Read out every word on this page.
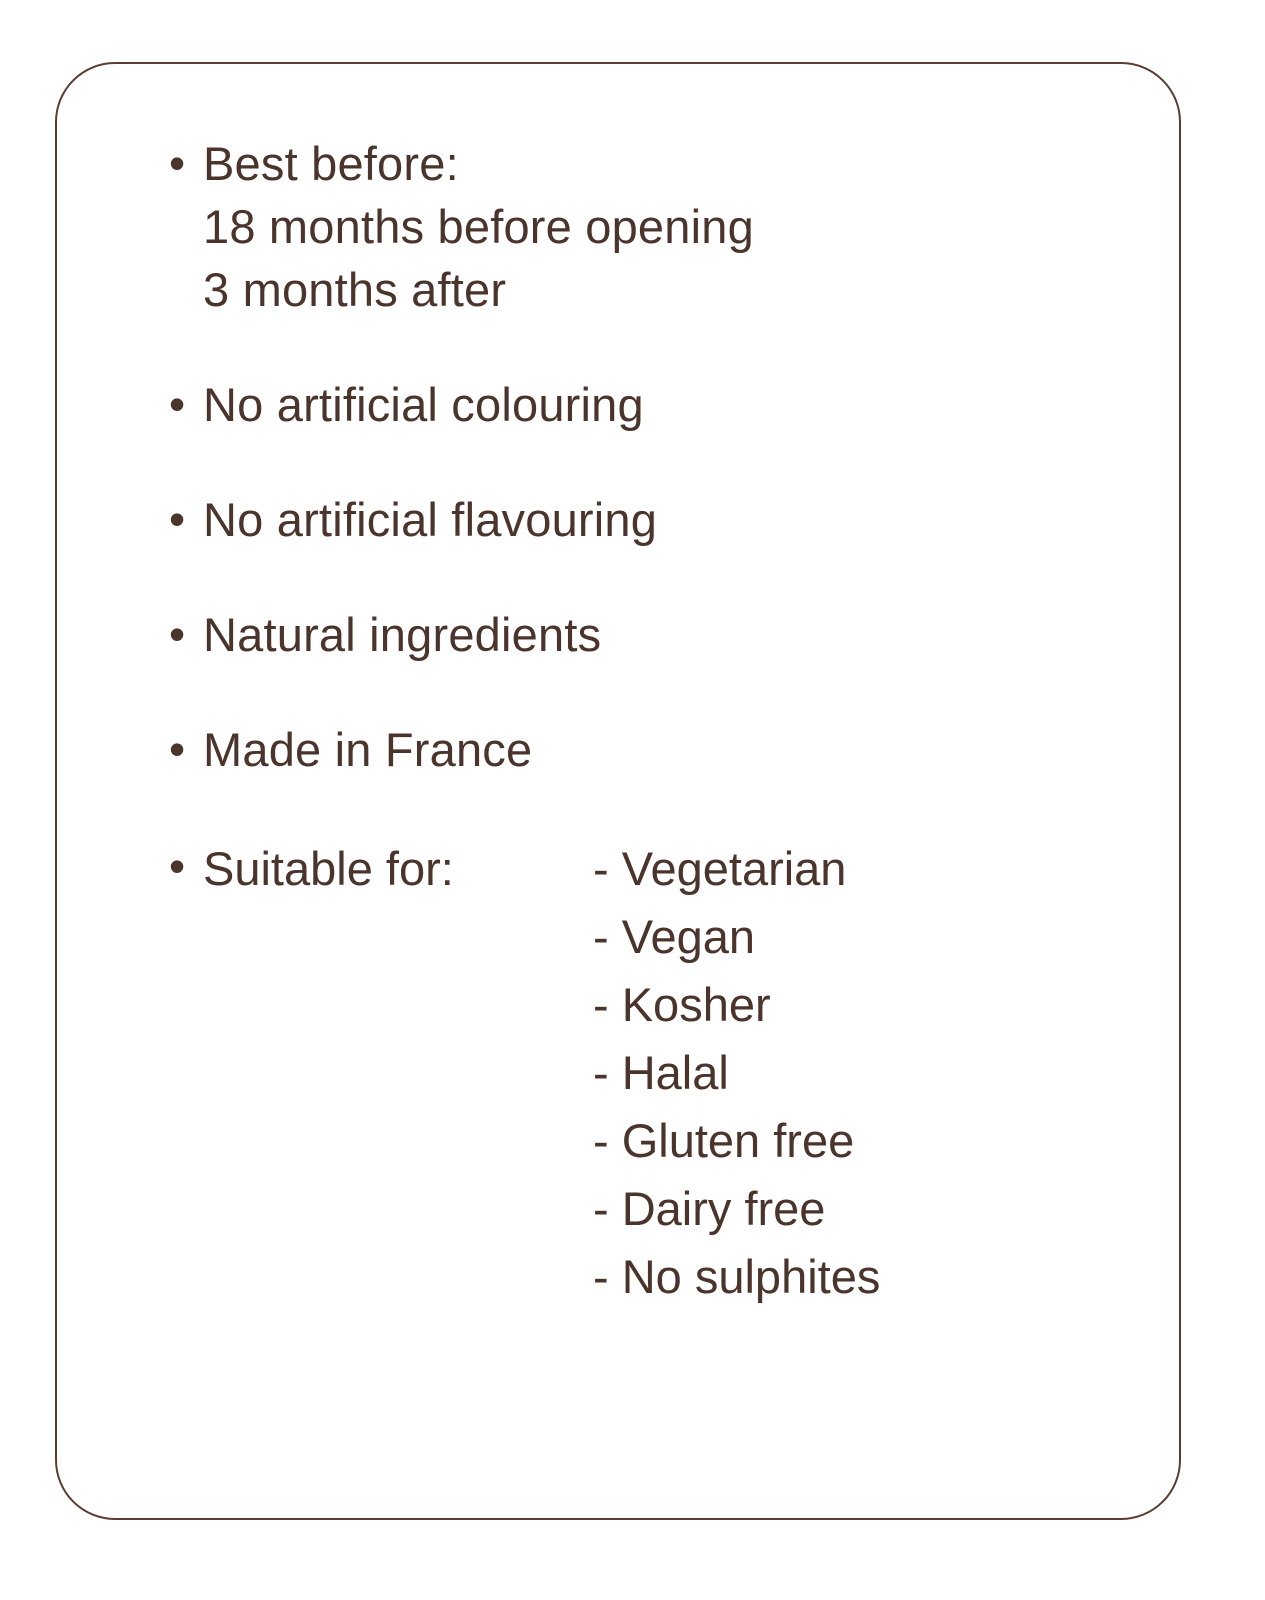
• Best before:
18 months before opening
3 months after
• No artificial colouring
• No artificial flavouring
• Natural ingredients
• Made in France
• Suitable for:	- Vegetarian
- Vegan
- Kosher
- Halal
- Gluten free
- Dairy free
- No sulphites
